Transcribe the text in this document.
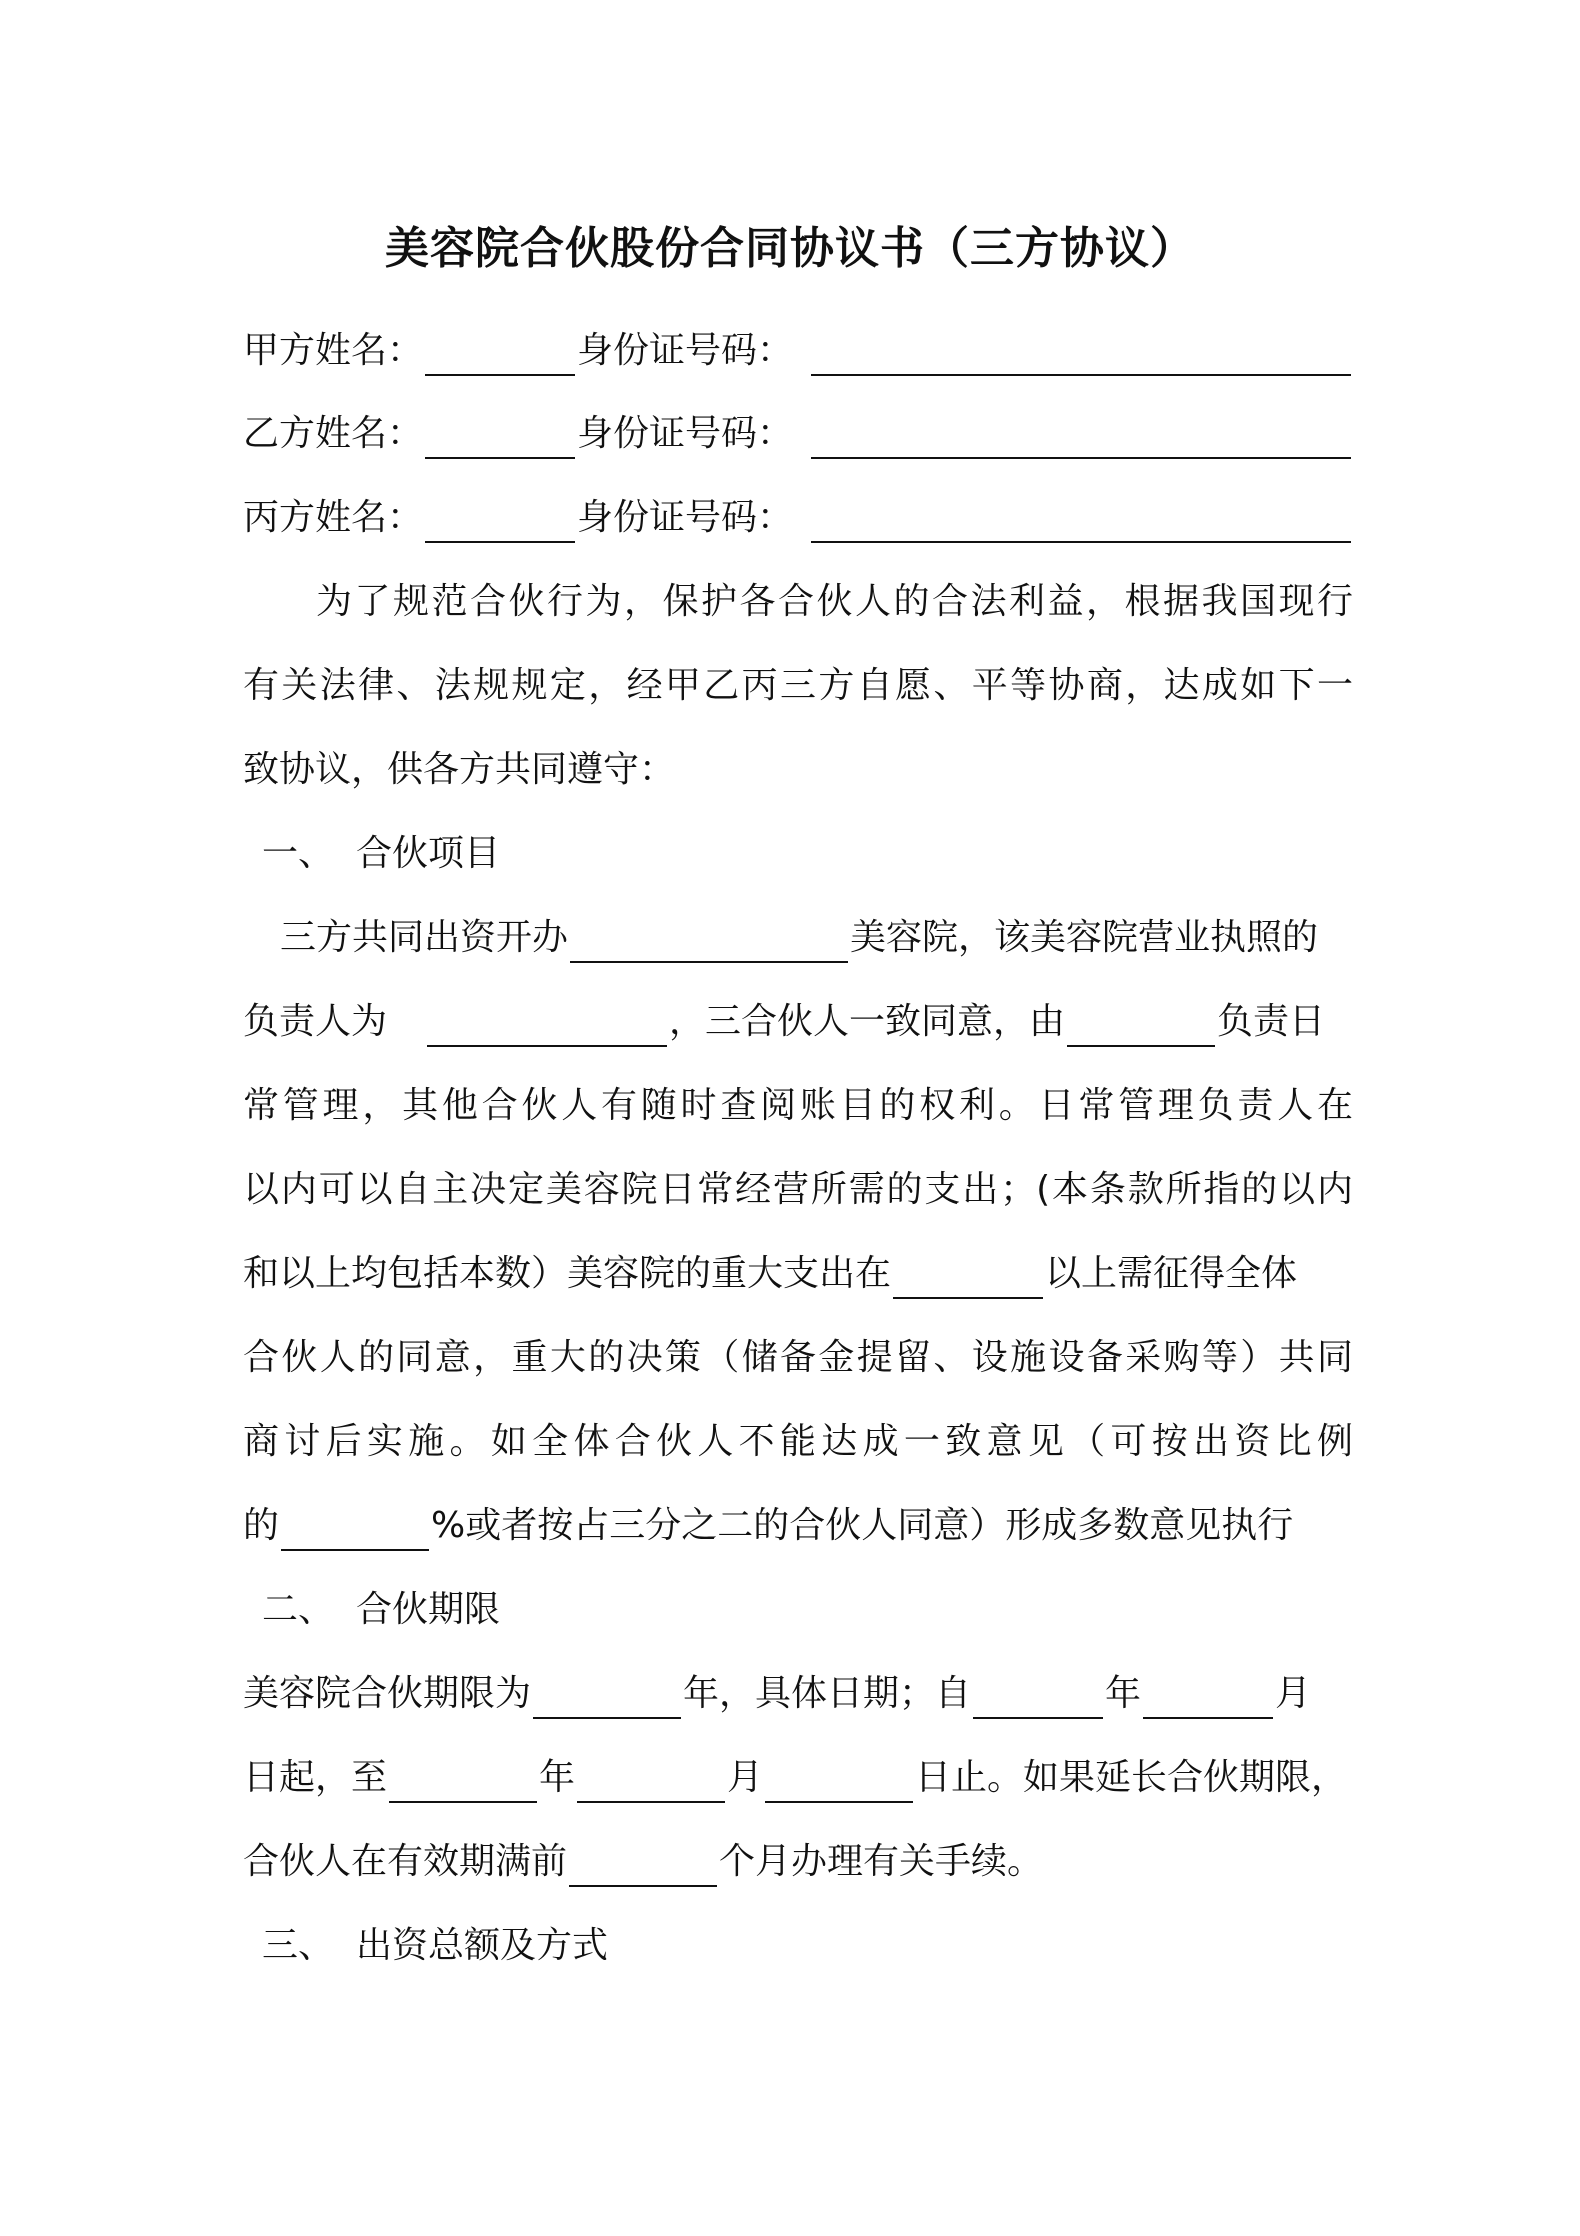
美容院合伙股份合同协议书（三方协议）
甲方姓名：	身份证号码：
乙方姓名：	身份证号码：
丙方姓名：	身份证号码：
为了规范合伙行为，保护各合伙人的合法利益，根据我国现行
有关法律、法规规定，经甲乙丙三方自愿、平等协商，达成如下一
致协议，供各方共同遵守：
一、 合伙项目
三方共同出资开办	美容院，该美容院营业执照的
负责人为	，三合伙人一致同意，由	负责日
常管理，其他合伙人有随时查阅账目的权利。日常管理负责人在
以内可以自主决定美容院日常经营所需的支出；(本条款所指的以内
和以上均包括本数）美容院的重大支出在	以上需征得全体
合伙人的同意，重大的决策（储备金提留、设施设备采购等）共同
商讨后实施。如全体合伙人不能达成一致意见（可按出资比例
的	%或者按占三分之二的合伙人同意）形成多数意见执行
二、 合伙期限
美容院合伙期限为	年，具体日期；自	年	月
日起，至	年	月	日止。如果延长合伙期限，
合伙人在有效期满前	个月办理有关手续。
三、 出资总额及方式
